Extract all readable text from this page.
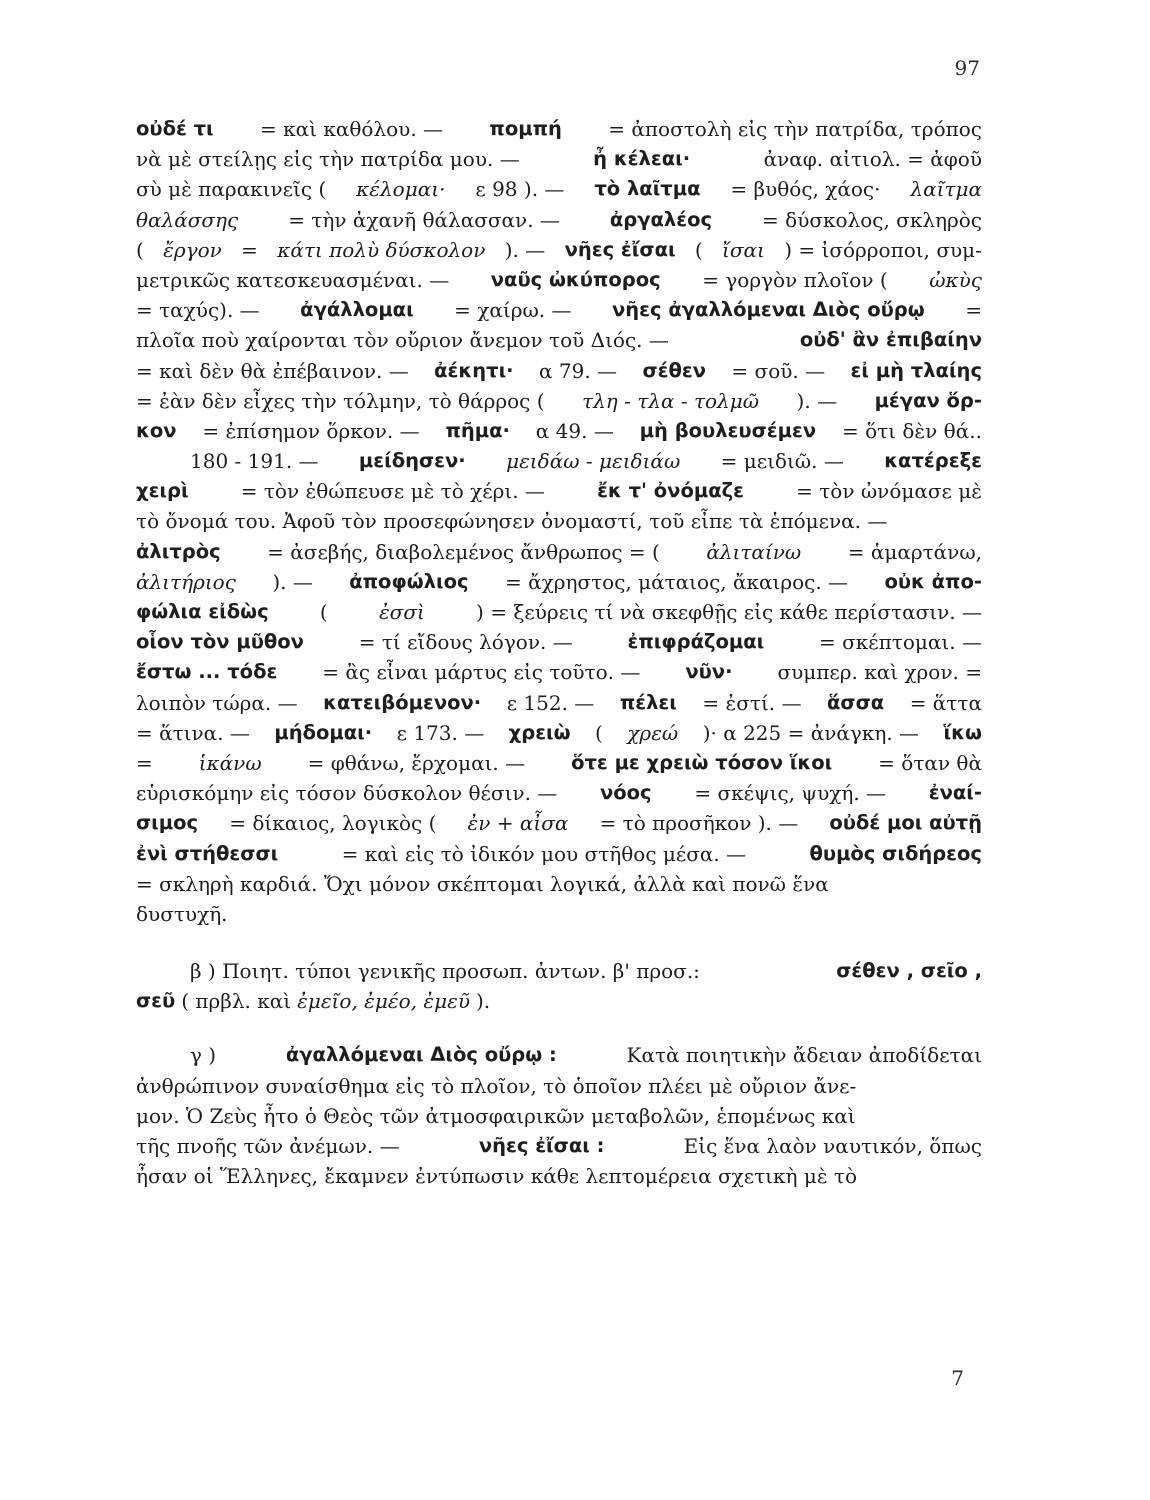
97
οὐδέ τι = καὶ καθόλου. — πομπή = ἀποστολὴ εἰς τὴν πατρίδα, τρόπος
νὰ μὲ στείλῃς εἰς τὴν πατρίδα μου. —	ἦ κέλεαι·	ἀναφ. αἰτιολ. = ἀφοῦ
σὺ μὲ παρακινεῖς ( κέλομαι· ε 98 ). — τὸ λαῖτμα = βυθός, χάος· λαῖτμα
θαλάσσης = τὴν ἀχανῆ θάλασσαν. —	ἀργαλέος = δύσκολος, σκληρὸς
( ἔργον = κάτι πολὺ δύσκολον ). — νῆες ἐἴσαι ( ἴσαι ) = ἰσόρροποι, συμ-
μετρικῶς κατεσκευασμέναι. — ναῦς ὠκύπορος = γοργὸν πλοῖον ( ὠκὺς
= ταχύς). — ἀγάλλομαι = χαίρω. — νῆες ἀγαλλόμεναι Διὸς οὔρῳ =
πλοῖα ποὺ χαίρονται τὸν οὔριον ἄνεμον τοῦ Διός. —	οὐδ' ἂν ἐπιβαίην
= καὶ δὲν θὰ ἐπέβαινον. — ἀέκητι· α 79. — σέθεν = σοῦ. — εἰ μὴ τλαίης
= ἐὰν δὲν εἶχες τὴν τόλμην, τὸ θάρρος ( τλη - τλα - τολμῶ ). — μέγαν ὅρ-
κον = ἐπίσημον ὅρκον. — πῆμα· α 49. — μὴ βουλευσέμεν = ὅτι δὲν θά..
180 - 191. — μείδησεν· μειδάω - μειδιάω = μειδιῶ. — κατέρεξε
χειρὶ	= τὸν ἐθώπευσε μὲ τὸ χέρι. —	ἔκ τ' ὀνόμαζε	= τὸν ὠνόμασε μὲ
τὸ ὄνομά του. Ἀφοῦ τὸν προσεφώνησεν ὀνομαστί, τοῦ εἶπε τὰ ἑπόμενα. —
ἀλιτρὸς = ἀσεβής, διαβολεμένος ἄνθρωπος = ( ἀλιταίνω = ἁμαρτάνω,
ἀλιτήριος ). — ἀποφώλιος = ἄχρηστος, μάταιος, ἄκαιρος. — οὐκ ἀπο-
φώλια εἰδὼς	(	ἐσσὶ	) = ξεύρεις τί νὰ σκεφθῇς εἰς κάθε περίστασιν. —
οἷον τὸν μῦθον	= τί εἴδους λόγον. —	ἐπιφράζομαι	= σκέπτομαι. —
ἔστω ... τόδε = ἂς εἶναι μάρτυς εἰς τοῦτο. — νῦν· συμπερ. καὶ χρον. =
λοιπὸν τώρα. — κατειβόμενον· ε 152. — πέλει = ἐστί. — ἅσσα = ἅττα
= ἅτινα. — μήδομαι· ε 173. — χρειὼ ( χρεώ )· α 225 = ἀνάγκη. — ἵκω
= ἱκάνω = φθάνω, ἔρχομαι. — ὅτε με χρειὼ τόσον ἵκοι = ὅταν θὰ
εὑρισκόμην εἰς τόσον δύσκολον θέσιν. — νόος = σκέψις, ψυχή. — ἐναί-
σιμος = δίκαιος, λογικὸς ( ἐν + αἶσα = τὸ προσῆκον ). — οὐδέ μοι αὐτῇ
ἐνὶ στήθεσσι	= καὶ εἰς τὸ ἰδικόν μου στῆθος μέσα. —	θυμὸς σιδήρεος
= σκληρὴ καρδιά. Ὄχι μόνον σκέπτομαι λογικά, ἀλλὰ καὶ πονῶ ἕνα
δυστυχῆ.
β ) Ποιητ. τύποι γενικῆς προσωπ. ἀντων. β' προσ.:	σέθεν , σεῖο ,
σεῦ ( πρβλ. καὶ ἐμεῖο, ἐμέο, ἐμεῦ ).
γ )	ἀγαλλόμεναι Διὸς οὔρῳ :	Κατὰ ποιητικὴν ἄδειαν ἀποδίδεται
ἀνθρώπινον συναίσθημα εἰς τὸ πλοῖον, τὸ ὁποῖον πλέει μὲ οὔριον ἄνε-
μον. Ὁ Ζεὺς ἦτο ὁ Θεὸς τῶν ἀτμοσφαιρικῶν μεταβολῶν, ἑπομένως καὶ
τῆς πνοῆς τῶν ἀνέμων. —	νῆες ἐἴσαι :	Εἰς ἕνα λαὸν ναυτικόν, ὅπως
ἦσαν οἱ Ἕλληνες, ἔκαμνεν ἐντύπωσιν κάθε λεπτομέρεια σχετικὴ μὲ τὸ
7
